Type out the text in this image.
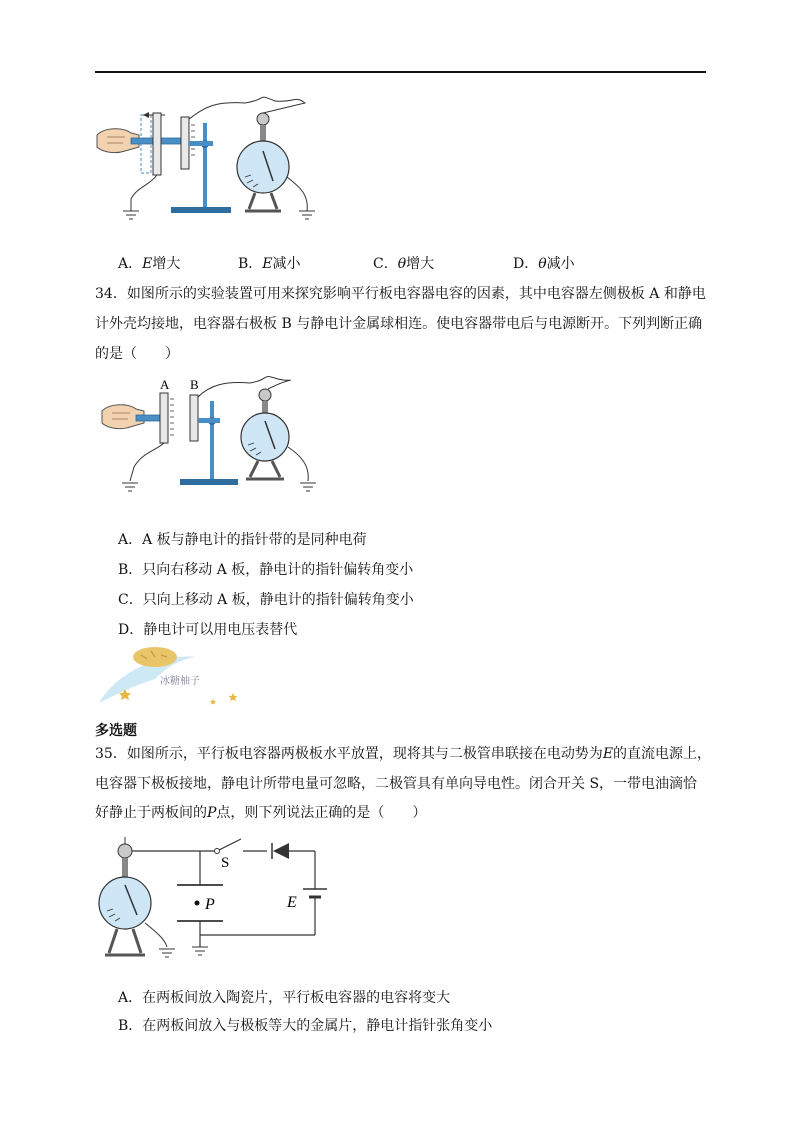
A．E增大	B．E减小	C．θ增大	D．θ减小
34．如图所示的实验装置可用来探究影响平行板电容器电容的因素，其中电容器左侧极板 A 和静电
计外壳均接地，电容器右极板 B 与静电计金属球相连。使电容器带电后与电源断开。下列判断正确
的是（　　）
A B
A．A 板与静电计的指针带的是同种电荷
B．只向右移动 A 板，静电计的指针偏转角变小
C．只向上移动 A 板，静电计的指针偏转角变小
D．静电计可以用电压表替代
冰糖柚子
多选题
35．如图所示，平行板电容器两极板水平放置，现将其与二极管串联接在电动势为E的直流电源上，
电容器下极板接地，静电计所带电量可忽略，二极管具有单向导电性。闭合开关 S，一带电油滴恰
好静止于两板间的P点，则下列说法正确的是（　　）
S
E
P
A．在两板间放入陶瓷片，平行板电容器的电容将变大
B．在两板间放入与极板等大的金属片，静电计指针张角变小
